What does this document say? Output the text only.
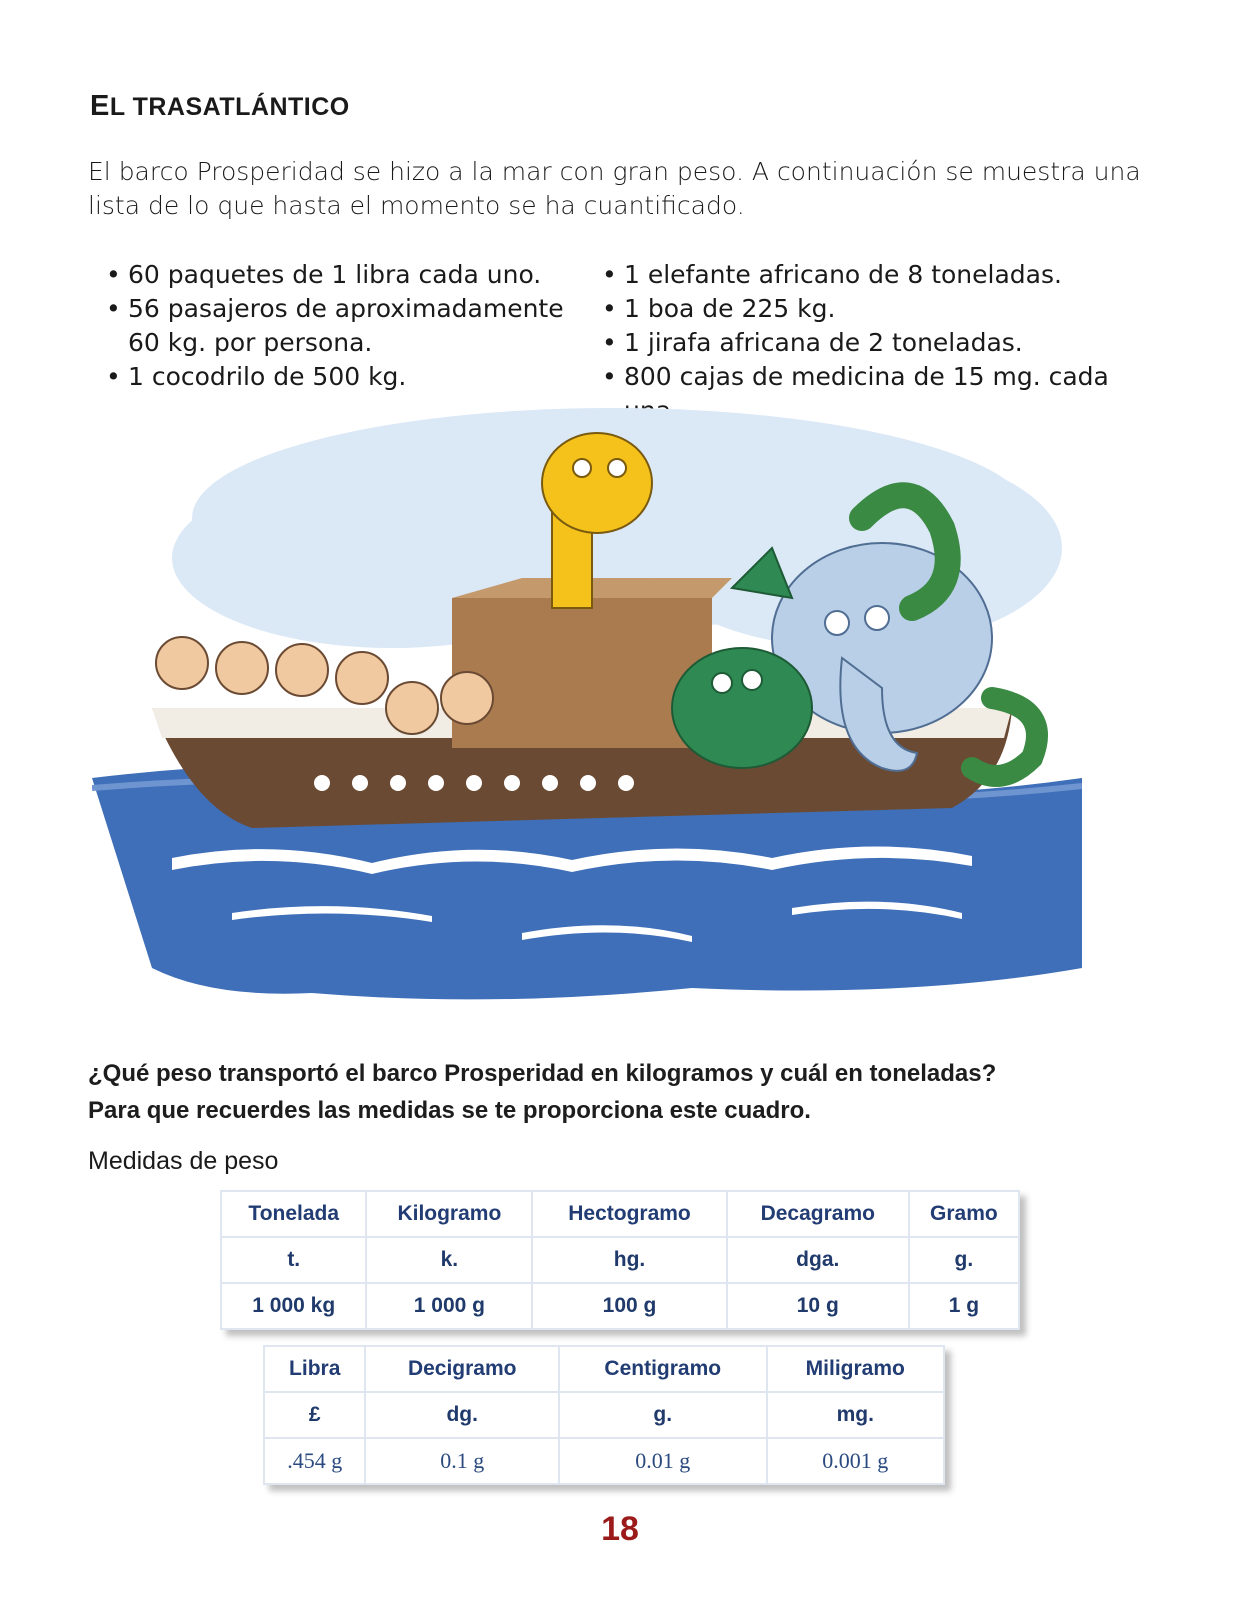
EL TRASATLÁNTICO
El barco Prosperidad se hizo a la mar con gran peso. A continuación se muestra una lista de lo que hasta el momento se ha cuantificado.
• 60 paquetes de 1 libra cada uno.
• 56 pasajeros de aproximadamente 60 kg. por persona.
• 1 cocodrilo de 500 kg.
• 1 elefante africano de 8 toneladas.
• 1 boa de 225 kg.
• 1 jirafa africana de 2 toneladas.
• 800 cajas de medicina de 15 mg. cada
¿Qué peso transportó el barco Prosperidad en kilogramos y cuál en toneladas?
Para que recuerdes las medidas se te proporciona este cuadro.
Medidas de peso
Tonelada	Kilogramo	Hectogramo	Decagramo	Gramo
t.	k.	hg.	dga.	g.
1 000 kg	1 000 g	100 g	10 g	1 g
Libra	Decigramo	Centigramo	Miligramo
£	dg.	g.	mg.
.454 g	0.1 g	0.01 g	0.001 g
18
